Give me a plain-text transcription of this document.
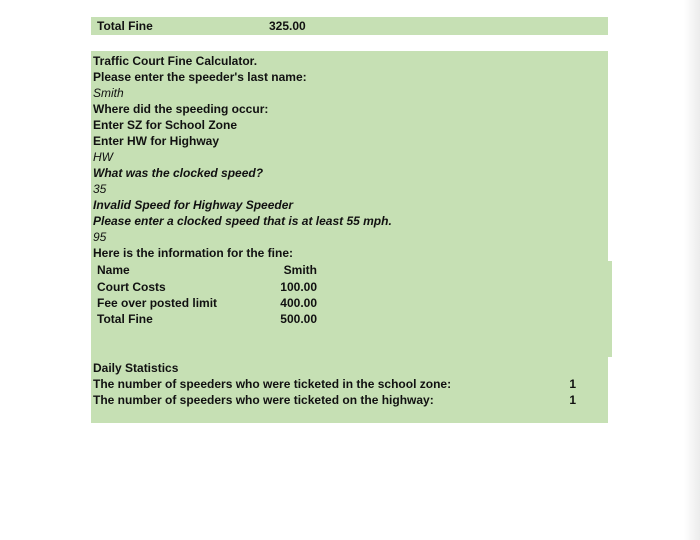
Total Fine	325.00
Traffic Court Fine Calculator.
Please enter the speeder's last name:
Smith
Where did the speeding occur:
Enter SZ for School Zone
Enter HW for Highway
HW
What was the clocked speed?
35
Invalid Speed for Highway Speeder
Please enter a clocked speed that is at least 55 mph.
95
Here is the information for the fine:
Name	Smith
Court Costs	100.00
Fee over posted limit	400.00
Total Fine	500.00
Daily Statistics
The number of speeders who were ticketed in the school zone:	1
The number of speeders who were ticketed on the highway:	1
